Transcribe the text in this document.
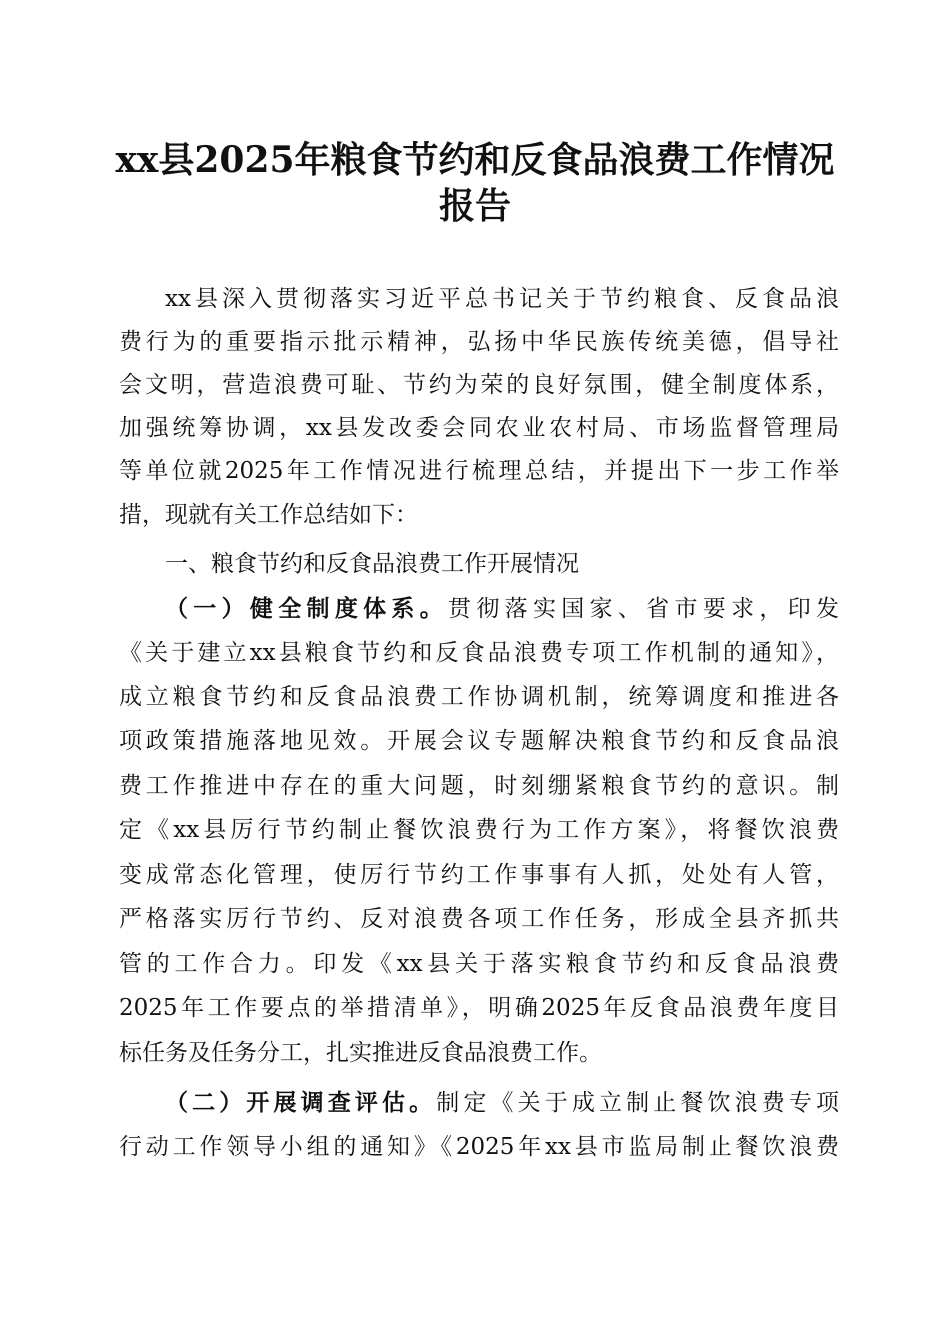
xx县2025年粮食节约和反食品浪费工作情况
报告
xx县深入贯彻落实习近平总书记关于节约粮食、反食品浪
费行为的重要指示批示精神，弘扬中华民族传统美德，倡导社
会文明，营造浪费可耻、节约为荣的良好氛围，健全制度体系，
加强统筹协调，xx县发改委会同农业农村局、市场监督管理局
等单位就2025年工作情况进行梳理总结，并提出下一步工作举
措，现就有关工作总结如下：
一、粮食节约和反食品浪费工作开展情况
（一）健全制度体系。贯彻落实国家、省市要求，印发
《关于建立xx县粮食节约和反食品浪费专项工作机制的通知》，
成立粮食节约和反食品浪费工作协调机制，统筹调度和推进各
项政策措施落地见效。开展会议专题解决粮食节约和反食品浪
费工作推进中存在的重大问题，时刻绷紧粮食节约的意识。制
定《xx县厉行节约制止餐饮浪费行为工作方案》，将餐饮浪费
变成常态化管理，使厉行节约工作事事有人抓，处处有人管，
严格落实厉行节约、反对浪费各项工作任务，形成全县齐抓共
管的工作合力。印发《xx县关于落实粮食节约和反食品浪费
2025年工作要点的举措清单》，明确2025年反食品浪费年度目
标任务及任务分工，扎实推进反食品浪费工作。
（二）开展调查评估。制定《关于成立制止餐饮浪费专项
行动工作领导小组的通知》《2025年xx县市监局制止餐饮浪费
